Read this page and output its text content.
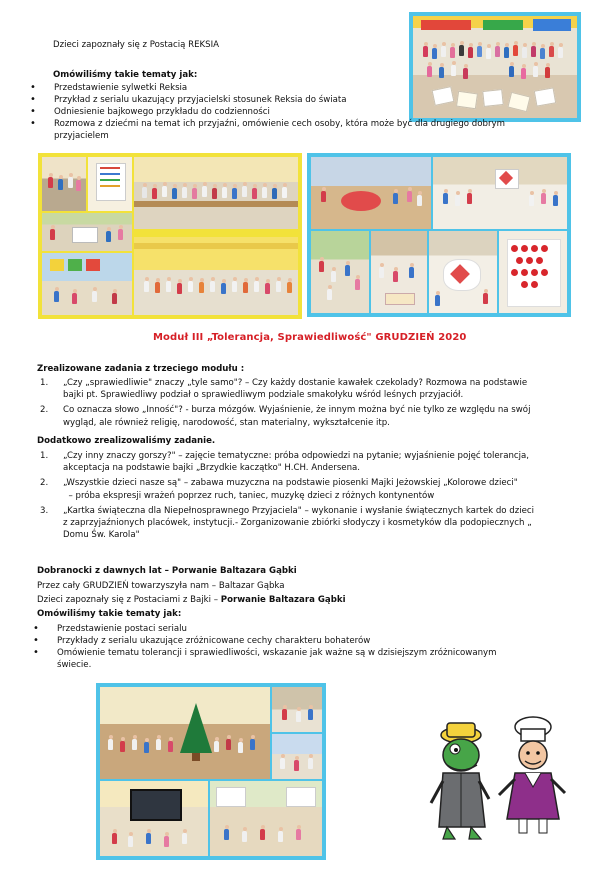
Dzieci zapoznały się z Postacią REKSIA
Omówiliśmy takie tematy jak:
• Przedstawienie sylwetki Reksia
• Przykład z serialu ukazujący przyjacielski stosunek Reksia do świata
• Odniesienie bajkowego przykładu do codzienności
• Rozmowa z dziećmi na temat ich przyjaźni, omówienie cech osoby, która może być dla drugiego dobrym
przyjacielem
Moduł III „Tolerancja, Sprawiedliwość" GRUDZIEŃ 2020
Zrealizowane zadania z trzeciego modułu :
1. „Czy „sprawiedliwie" znaczy „tyle samo"? – Czy każdy dostanie kawałek czekolady? Rozmowa na podstawie
bajki pt. Sprawiedliwy podział o sprawiedliwym podziale smakołyku wśród leśnych przyjaciół.
2. Co oznacza słowo „Inność"? - burza mózgów. Wyjaśnienie, że innym można być nie tylko ze względu na swój
wygląd, ale również religię, narodowość, stan materialny, wykształcenie itp.
Dodatkowo zrealizowaliśmy zadanie.
1. „Czy inny znaczy gorszy?" – zajęcie tematyczne: próba odpowiedzi na pytanie; wyjaśnienie pojęć tolerancja,
akceptacja na podstawie bajki „Brzydkie kaczątko" H.CH. Andersena.
2. „Wszystkie dzieci nasze są" – zabawa muzyczna na podstawie piosenki Majki Jeżowskiej „Kolorowe dzieci"
– próba ekspresji wrażeń poprzez ruch, taniec, muzykę dzieci z różnych kontynentów
3. „Kartka świąteczna dla Niepełnosprawnego Przyjaciela" – wykonanie i wysłanie świątecznych kartek do dzieci
z zaprzyjaźnionych placówek, instytucji.- Zorganizowanie zbiórki słodyczy i kosmetyków dla podopiecznych „
Domu Św. Karola"
Dobranocki z dawnych lat – Porwanie Baltazara Gąbki
Przez cały GRUDZIEŃ towarzyszyła nam – Baltazar Gąbka
Dzieci zapoznały się z Postaciami z Bajki – Porwanie Baltazara Gąbki
Omówiliśmy takie tematy jak:
• Przedstawienie postaci serialu
• Przykłady z serialu ukazujące zróżnicowane cechy charakteru bohaterów
• Omówienie tematu tolerancji i sprawiedliwości, wskazanie jak ważne są w dzisiejszym zróżnicowanym
świecie.
